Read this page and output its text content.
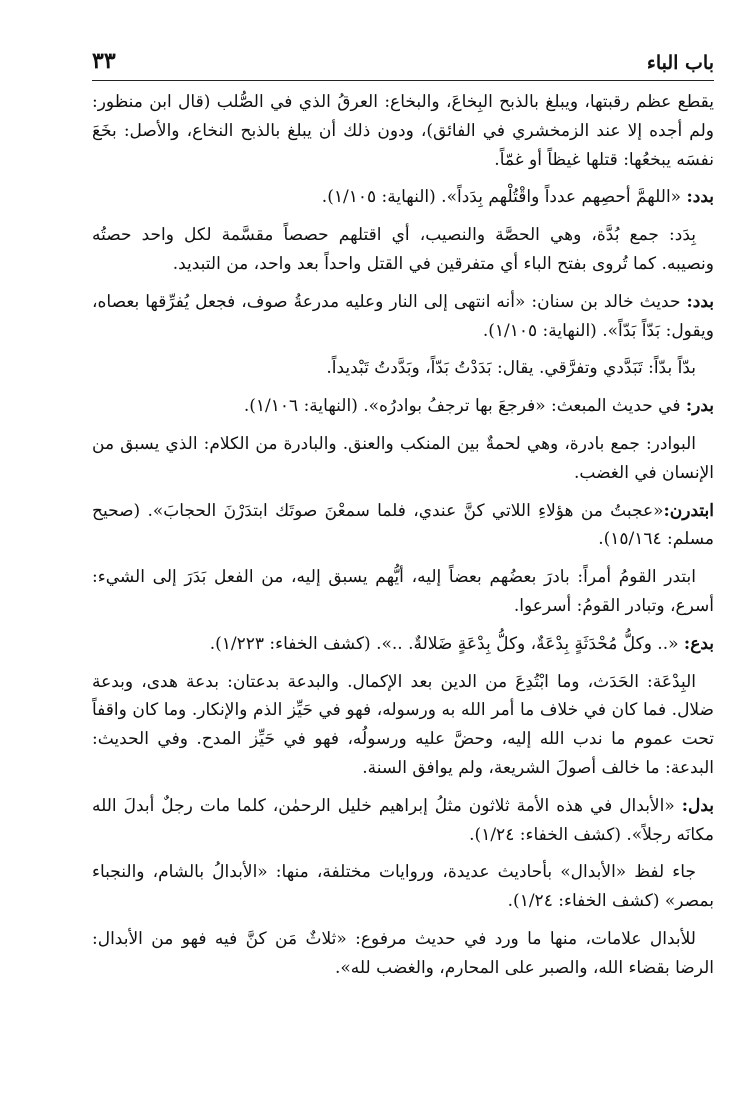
باب الباء
٣٣

يقطع عظم رقبتها، ويبلغ بالذبح البِخاعَ، والبخاع: العرقُ الذي في الصُّلب (قال ابن منظور: ولم أجده إلا عند الزمخشري في الفائق)، ودون ذلك أن يبلغ بالذبح النخاع، والأصل: بخَعَ نفسَه يبخعُها: قتلها غيظاً أو غمّاً.

بدد: «اللهمَّ أحصِهم عدداً واقْتُلْهم بِدَداً». (النهاية: ١/١٠٥).

بِدَد: جمع بُدَّة، وهي الحصَّة والنصيب، أي اقتلهم حصصاً مقسَّمة لكل واحد حصتُه ونصيبه. كما تُروى بفتح الباء أي متفرقين في القتل واحداً بعد واحد، من التبديد.

بدد: حديث خالد بن سنان: «أنه انتهى إلى النار وعليه مدرعةُ صوف، فجعل يُفرِّقها بعصاه، ويقول: بَدّاً بَدّاً». (النهاية: ١/١٠٥).

بدّاً بدّاً: تَبَدَّدي وتفرَّقي. يقال: بَدَدْتُ بَدّاً، وبَدَّدتُ تَبْديداً.

بدر: في حديث المبعث: «فرجعَ بها ترجفُ بوادرُه». (النهاية: ١/١٠٦).

البوادر: جمع بادرة، وهي لحمةٌ بين المنكب والعنق. والبادرة من الكلام: الذي يسبق من الإنسان في الغضب.

ابتدرن:«عجبتُ من هؤلاءِ اللاتي كنَّ عندي، فلما سمعْنَ صوتَك ابتدَرْنَ الحجابَ». (صحيح مسلم: ١٥/١٦٤).

ابتدر القومُ أمراً: بادرَ بعضُهم بعضاً إليه، أيُّهم يسبق إليه، من الفعل بَدَرَ إلى الشيء: أسرع، وتبادر القومُ: أسرعوا.

بدع: «.. وكلُّ مُحْدَثَةٍ بِدْعَةٌ، وكلُّ بِدْعَةٍ ضَلالةٌ. ..». (كشف الخفاء: ١/٢٢٣).

البِدْعَة: الحَدَث، وما ابْتُدِعَ من الدين بعد الإكمال. والبدعة بدعتان: بدعة هدى، وبدعة ضلال. فما كان في خلاف ما أمر الله به ورسوله، فهو في حَيِّز الذم والإنكار. وما كان واقفاً تحت عموم ما ندب الله إليه، وحضَّ عليه ورسولُه، فهو في حَيِّز المدح. وفي الحديث: البدعة: ما خالف أصولَ الشريعة، ولم يوافق السنة.

بدل: «الأبدال في هذه الأمة ثلاثون مثلُ إبراهيم خليل الرحمٰن، كلما مات رجلٌ أبدلَ الله مكانَه رجلاً». (كشف الخفاء: ١/٢٤).

جاء لفظ «الأبدال» بأحاديث عديدة، وروايات مختلفة، منها: «الأبدالُ بالشام، والنجباء بمصر» (كشف الخفاء: ١/٢٤).

للأبدال علامات، منها ما ورد في حديث مرفوع: «ثلاثٌ مَن كنَّ فيه فهو من الأبدال: الرضا بقضاء الله، والصبر على المحارم، والغضب لله».
